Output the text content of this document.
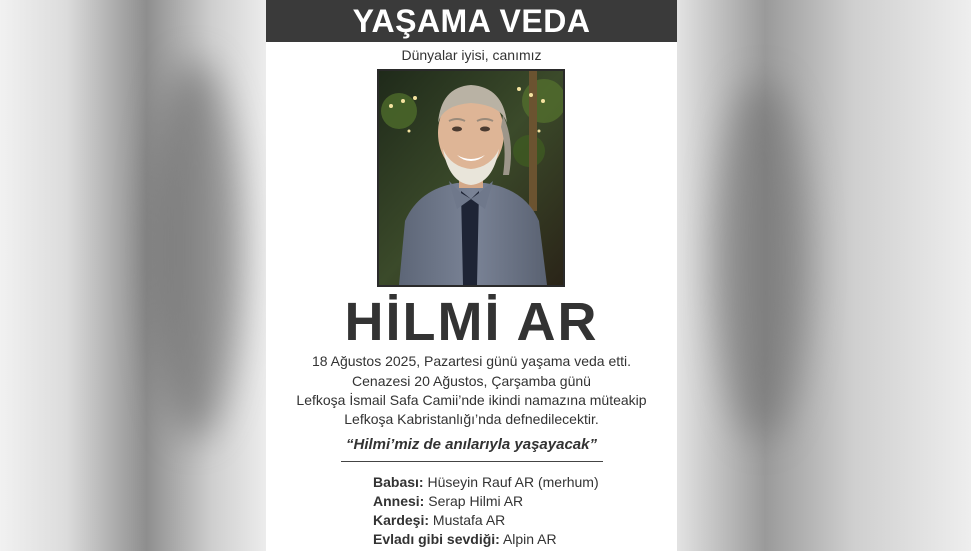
YAŞAMA VEDA
Dünyalar iyisi, canımız
HİLMİ AR
18 Ağustos 2025, Pazartesi günü yaşama veda etti.
Cenazesi 20 Ağustos, Çarşamba günü
Lefkoşa İsmail Safa Camii’nde ikindi namazına müteakip
Lefkoşa Kabristanlığı’nda defnedilecektir.
“Hilmi’miz de anılarıyla yaşayacak”
Babası: Hüseyin Rauf AR (merhum)
Annesi: Serap Hilmi AR
Kardeşi: Mustafa AR
Evladı gibi sevdiği: Alpin AR
